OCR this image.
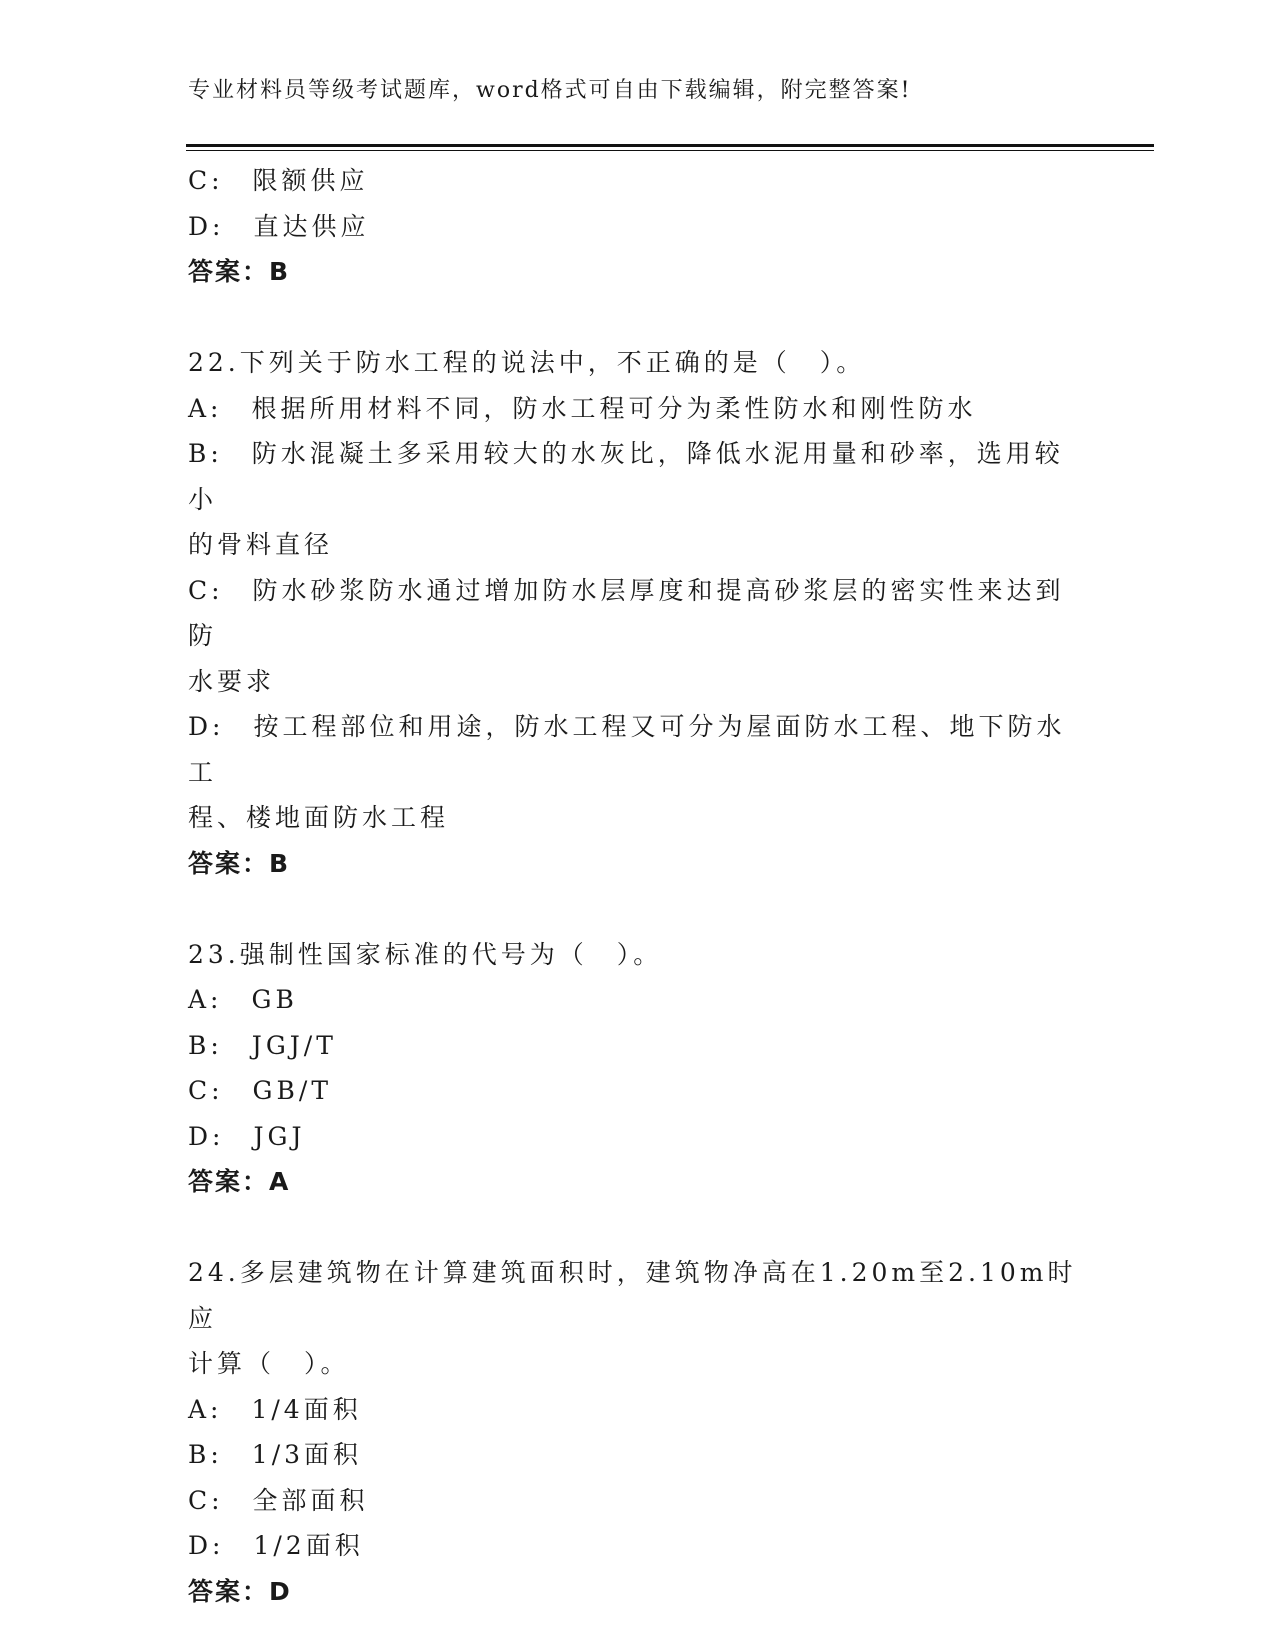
专业材料员等级考试题库，word格式可自由下载编辑，附完整答案!

C:　限额供应

D:　直达供应

答案：B

22.下列关于防水工程的说法中，不正确的是（　）。

A:　根据所用材料不同，防水工程可分为柔性防水和刚性防水

B:　防水混凝土多采用较大的水灰比，降低水泥用量和砂率，选用较小

的骨料直径

C:　防水砂浆防水通过增加防水层厚度和提高砂浆层的密实性来达到防

水要求

D:　按工程部位和用途，防水工程又可分为屋面防水工程、地下防水工

程、楼地面防水工程

答案：B

23.强制性国家标准的代号为（　）。

A:　GB

B:　JGJ/T

C:　GB/T

D:　JGJ

答案：A

24.多层建筑物在计算建筑面积时，建筑物净高在1.20m至2.10m时应

计算（　）。

A:　1/4面积

B:　1/3面积

C:　全部面积

D:　1/2面积

答案：D
